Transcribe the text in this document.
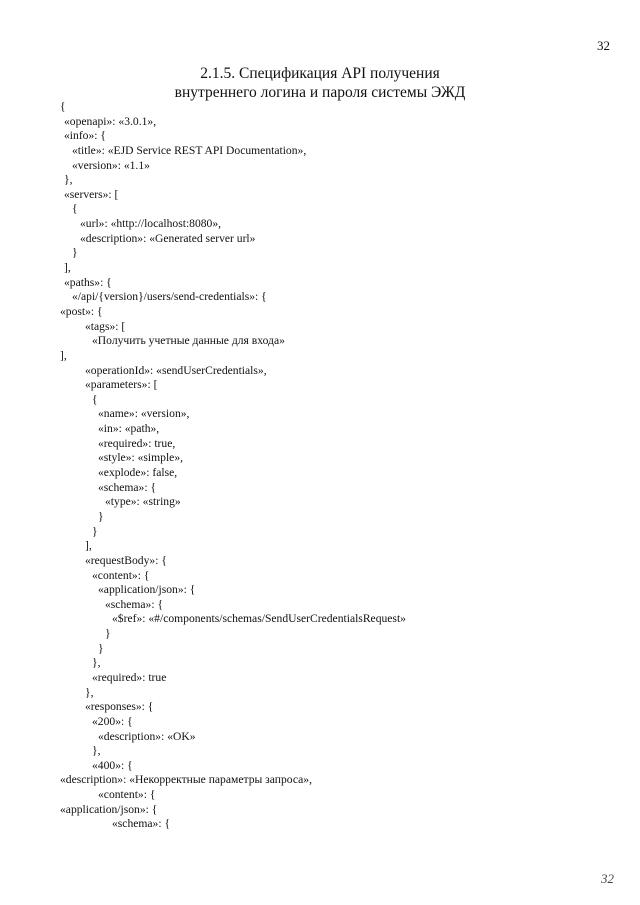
32
2.1.5. Спецификация API получения
внутреннего логина и пароля системы ЭЖД
{
«openapi»: «3.0.1»,
«info»: {
«title»: «EJD Service REST API Documentation»,
«version»: «1.1»
},
«servers»: [
{
«url»: «http://localhost:8080»,
«description»: «Generated server url»
}
],
«paths»: {
«/api/{version}/users/send-credentials»: {
«post»: {
«tags»: [
«Получить учетные данные для входа»
],
«operationId»: «sendUserCredentials»,
«parameters»: [
{
«name»: «version»,
«in»: «path»,
«required»: true,
«style»: «simple»,
«explode»: false,
«schema»: {
«type»: «string»
}
}
],
«requestBody»: {
«content»: {
«application/json»: {
«schema»: {
«$ref»: «#/components/schemas/SendUserCredentialsRequest»
}
}
},
«required»: true
},
«responses»: {
«200»: {
«description»: «OK»
},
«400»: {
«description»: «Некорректные параметры запроса»,
«content»: {
«application/json»: {
«schema»: {
32
